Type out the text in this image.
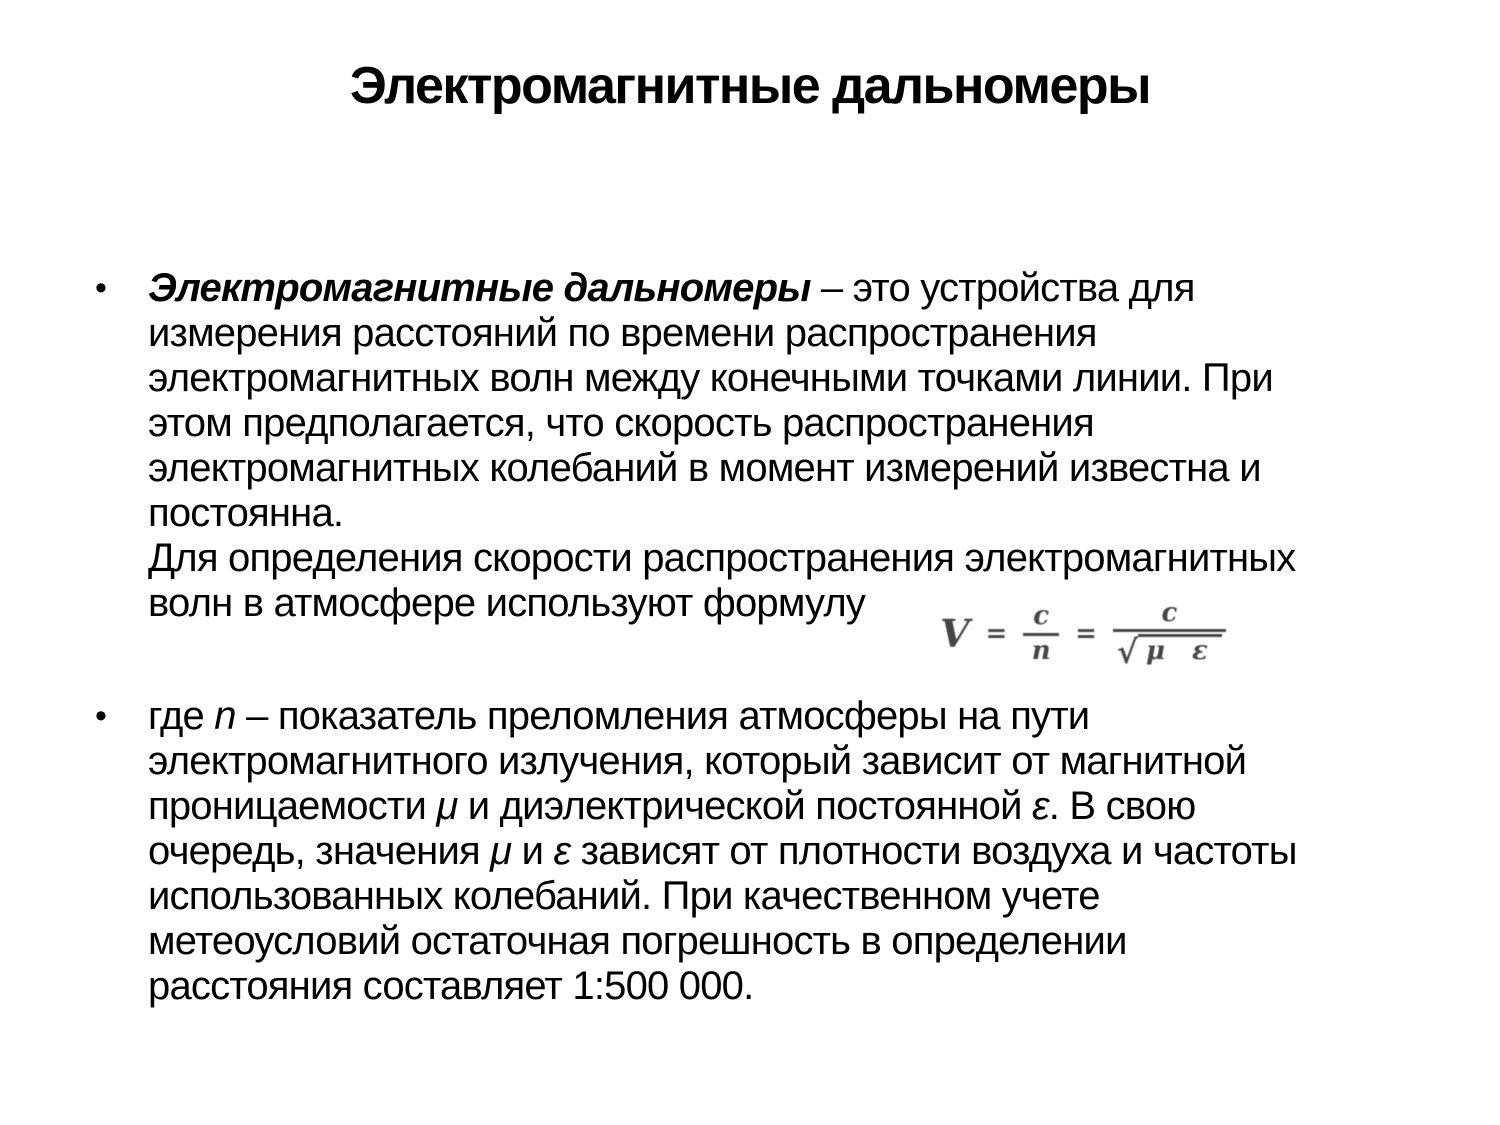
Электромагнитные дальномеры
•	Электромагнитные дальномеры – это устройства для
измерения расстояний по времени распространения
электромагнитных волн между конечными точками линии. При
этом предполагается, что скорость распространения
электромагнитных колебаний в момент измерений известна и
постоянна.
Для определения скорости распространения электромагнитных
волн в атмосфере используют формулу
•	где n – показатель преломления атмосферы на пути
электромагнитного излучения, который зависит от магнитной
проницаемости μ и диэлектрической постоянной ε. В свою
очередь, значения μ и ε зависят от плотности воздуха и частоты
использованных колебаний. При качественном учете
метеоусловий остаточная погрешность в определении
расстояния составляет 1:500 000.
$V = \frac{c}{n} = \frac{c}{\text{√ μ ε}}$
